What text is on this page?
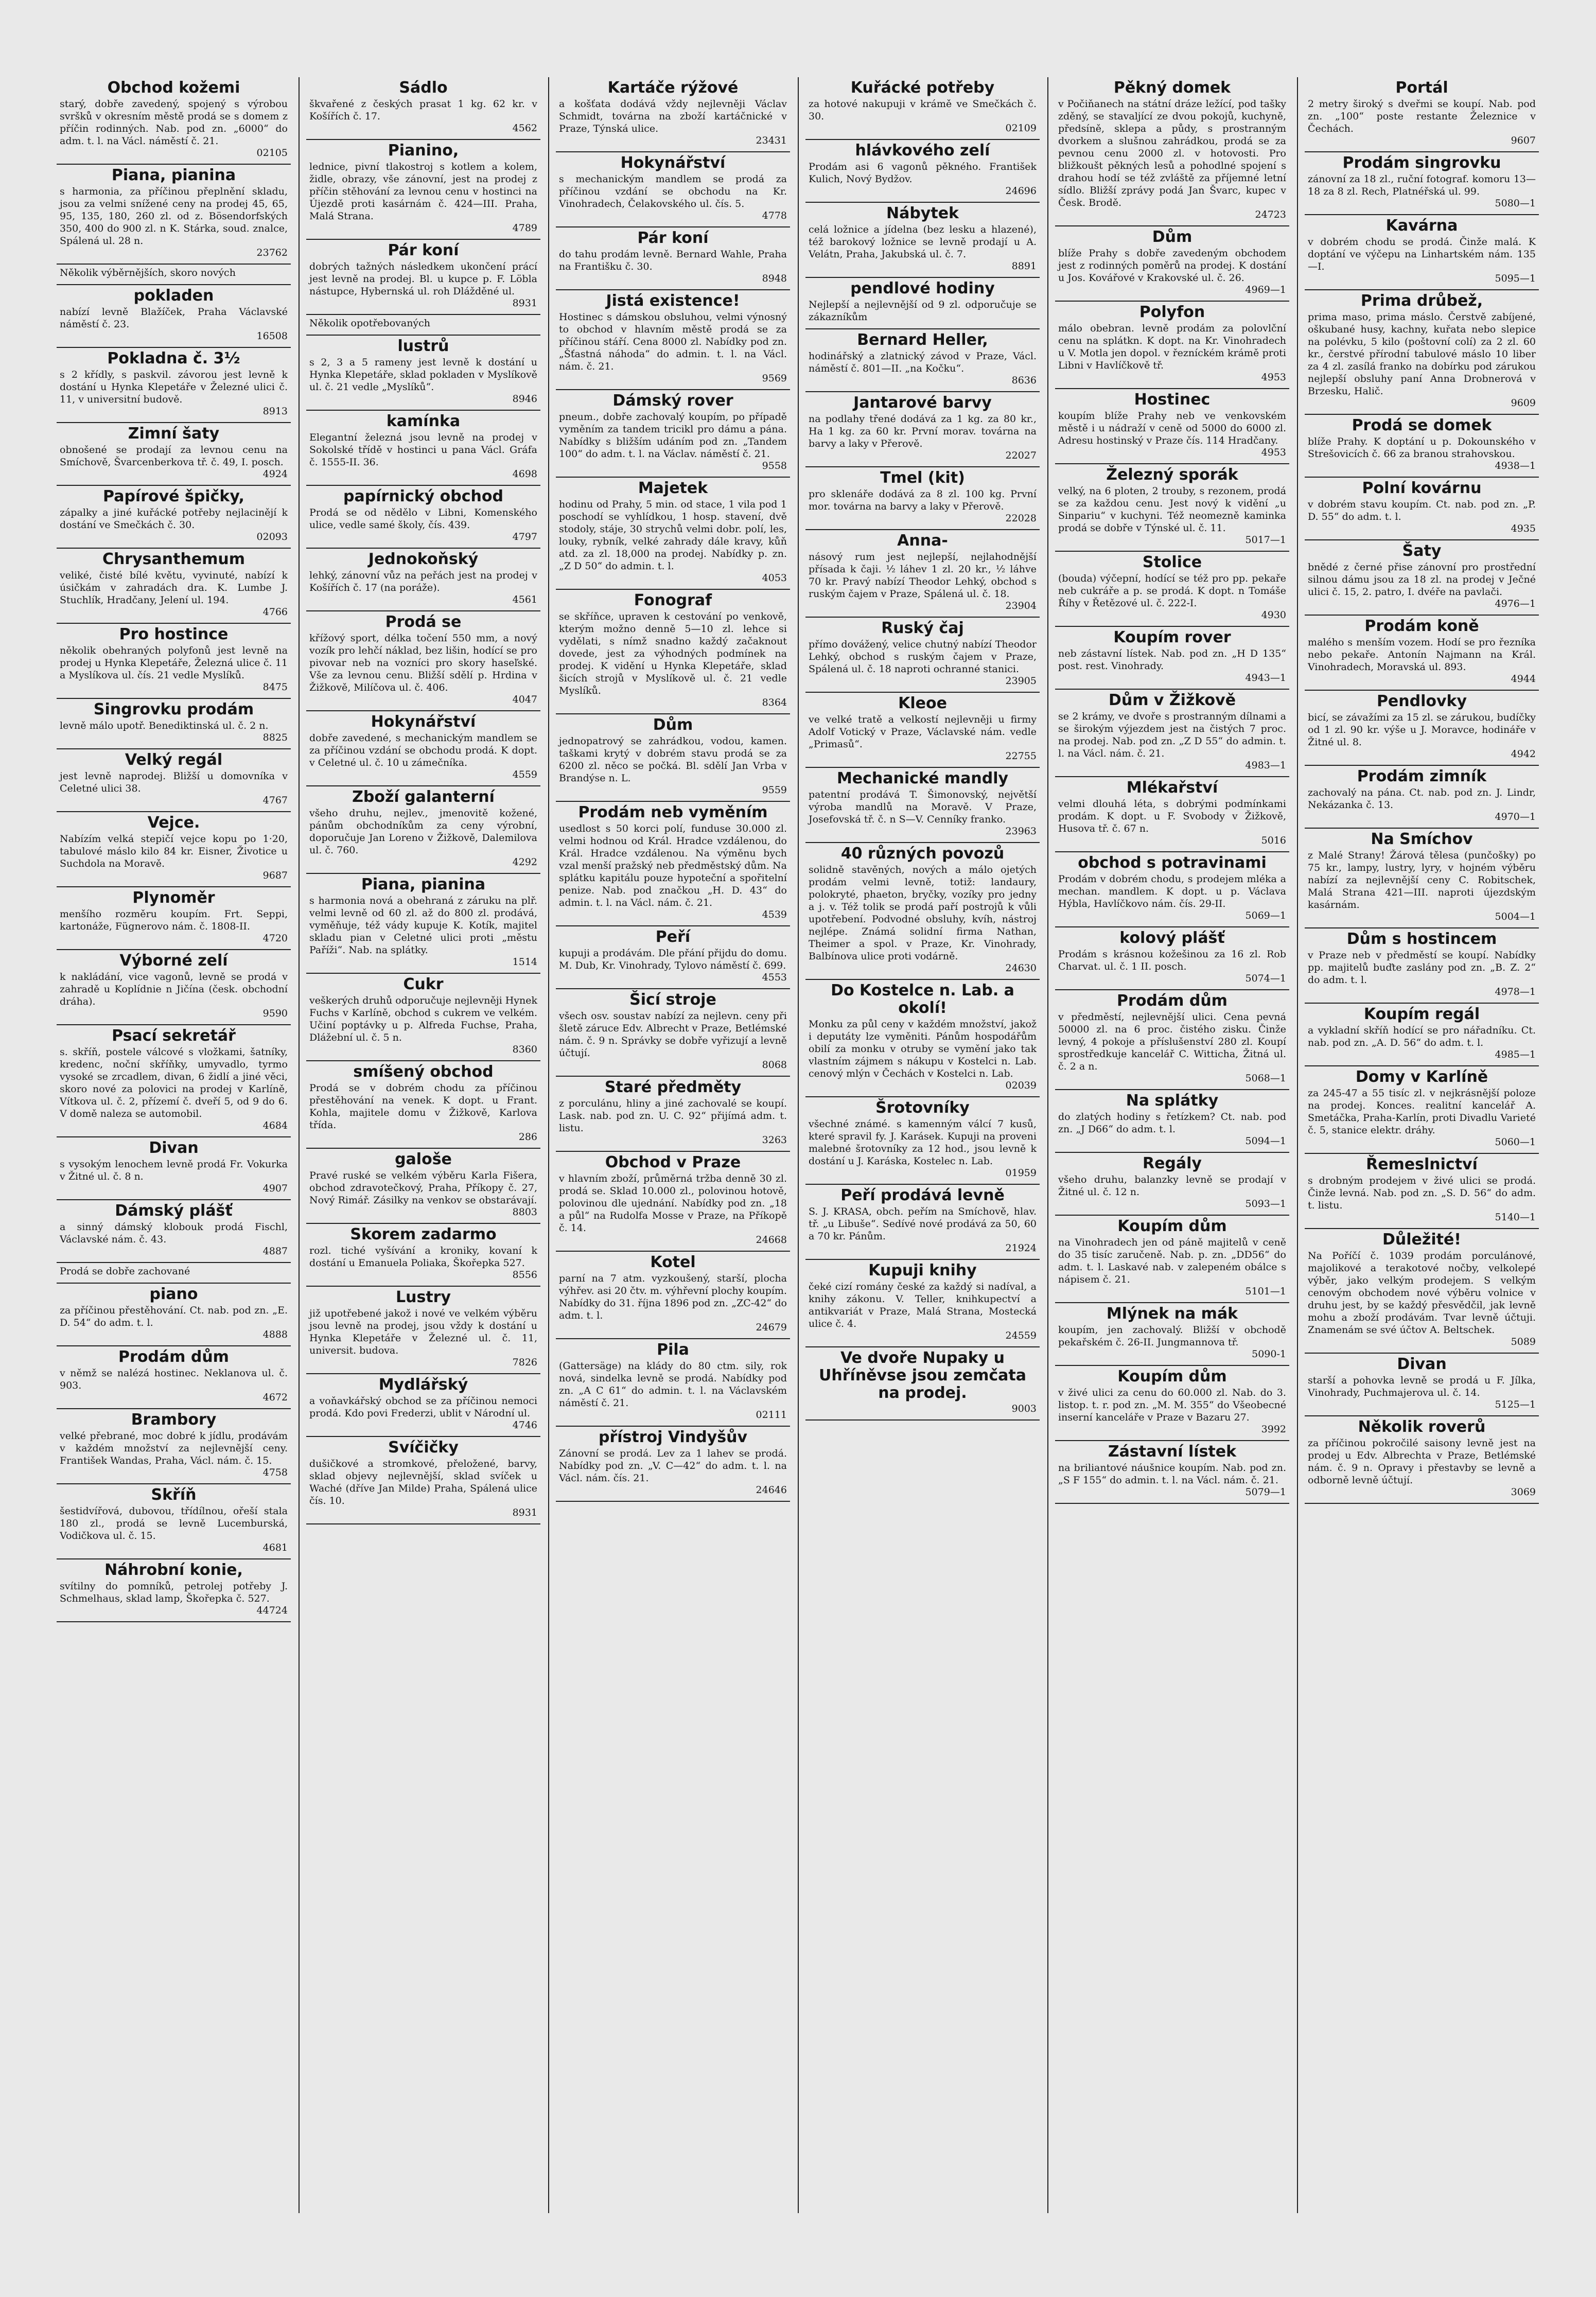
Obchod kožemi
starý, dobře zavedený, spojený s výrobou svršků v okresním městě prodá se s domem z příčin rodinných. Nab. pod zn. „6000“ do adm. t. l. na Václ. náměstí č. 21.
02105
Piana, pianina
s harmonia, za příčinou přeplnění skladu, jsou za velmi snížené ceny na prodej 45, 65, 95, 135, 180, 260 zl. od z. Bösendorfských 350, 400 do 900 zl. n K. Stárka, soud. znalce, Spálená ul. 28 n.
23762
Několik výběrnějších, skoro nových
pokladen
nabízí levně Blažíček, Praha Václavské náměstí č. 23.
16508
Pokladna č. 3½
s 2 křídly, s paskvil. závorou jest levně k dostání u Hynka Klepetáře v Železné ulici č. 11, v universitní budově.
8913
Zimní šaty
obnošené se prodají za levnou cenu na Smíchově, Švarcenberkova tř. č. 49, I. posch.
4924
Papírové špičky,
zápalky a jiné kuřácké potřeby nejlacinějí k dostání ve Smečkách č. 30.
02093
Chrysanthemum
veliké, čisté bílé květu, vyvinuté, nabízí k úsičkám v zahradách dra. K. Lumbe J. Stuchlík, Hradčany, Jelení ul. 194.
4766
Pro hostince
několik obehraných polyfonů jest levně na prodej u Hynka Klepetáře, Železná ulice č. 11 a Myslíkova ul. čís. 21 vedle Myslíků.
8475
Singrovku prodám
levně málo upotř. Benediktinská ul. č. 2 n.
8825
Velký regál
jest levně naprodej. Bližší u domovníka v Celetné ulici 38.
4767
Vejce.
Nabízím velká stepičí vejce kopu po 1·20, tabulové máslo kilo 84 kr. Eisner, Životice u Suchdola na Moravě.
9687
Plynoměr
menšího rozměru koupím. Frt. Seppi, kartonáže, Fügnerovo nám. č. 1808-II.
4720
Výborné zelí
k nakládání, vice vagonů, levně se prodá v zahradě u Koplídnie n Jičína (česk. obchodní dráha).
9590
Psací sekretář
s. skříň, postele válcové s vložkami, šatníky, kredenc, noční skříňky, umyvadlo, tyrmo vysoké se zrcadlem, divan, 6 židlí a jiné věci, skoro nové za polovici na prodej v Karlíně, Vítkova ul. č. 2, přízemí č. dveří 5, od 9 do 6. V domě naleza se automobil.
4684
Divan
s vysokým lenochem levně prodá Fr. Vokurka v Žitné ul. č. 8 n.
4907
Dámský plášť
a sinný dámský klobouk prodá Fischl, Václavské nám. č. 43.
4887
Prodá se dobře zachované
piano
za příčinou přestěhování. Ct. nab. pod zn. „E. D. 54“ do adm. t. l.
4888
Prodám dům
v němž se nalézá hostinec. Neklanova ul. č. 903.
4672
Brambory
velké přebrané, moc dobré k jídlu, prodávám v každém množství za nejlevnější ceny. František Wandas, Praha, Václ. nám. č. 15.
4758
Skříň
šestidvířová, dubovou, třídílnou, ořeší stala 180 zl., prodá se levně Lucemburská, Vodičkova ul. č. 15.
4681
Náhrobní konie,
svítilny do pomníků, petrolej potřeby J. Schmelhaus, sklad lamp, Škořepka č. 527.
44724
Sádlo
škvařené z českých prasat 1 kg. 62 kr. v Košířích č. 17.
4562
Pianino,
lednice, pivní tlakostroj s kotlem a kolem, židle, obrazy, vše zánovní, jest na prodej z příčin stěhování za levnou cenu v hostinci na Újezdě proti kasárnám č. 424—III. Praha, Malá Strana.
4789
Pár koní
dobrých tažných následkem ukončení prácí jest levně na prodej. Bl. u kupce p. F. Löbla nástupce, Hybernská ul. roh Dlážděné ul.
8931
Několik opotřebovaných
lustrů
s 2, 3 a 5 rameny jest levně k dostání u Hynka Klepetáře, sklad pokladen v Myslíkově ul. č. 21 vedle „Myslíků“.
8946
kamínka
Elegantní železná jsou levně na prodej v Sokolské třídě v hostinci u pana Václ. Gráfa č. 1555-II. 36.
4698
papírnický obchod
Prodá se od nědělo v Libni, Komenského ulice, vedle samé školy, čís. 439.
4797
Jednokoňský
lehký, zánovní vůz na peřách jest na prodej v Košířích č. 17 (na poráže).
4561
Prodá se
křížový sport, délka točení 550 mm, a nový vozík pro lehčí náklad, bez lišin, hodící se pro pivovar neb na vozníci pro skory haseľské. Vše za levnou cenu. Bližší sdělí p. Hrdina v Žižkově, Milíčova ul. č. 406.
4047
Hokynářství
dobře zavedené, s mechanickým mandlem se za příčinou vzdání se obchodu prodá. K dopt. v Celetné ul. č. 10 u zámečníka.
4559
Zboží galanterní
všeho druhu, nejlev., jmenovitě kožené, pánům obchodníkům za ceny výrobní, doporučuje Jan Loreno v Žižkově, Dalemilova ul. č. 760.
4292
Piana, pianina
s harmonia nová a obehraná z záruku na plř. velmi levně od 60 zl. až do 800 zl. prodává, vyměňuje, též vády kupuje K. Kotík, majitel skladu pian v Celetné ulici proti „městu Paříži“. Nab. na splátky.
1514
Cukr
veškerých druhů odporučuje nejlevněji Hynek Fuchs v Karlíně, obchod s cukrem ve velkém. Učiní poptávky u p. Alfreda Fuchse, Praha, Dlážební ul. č. 5 n.
8360
smíšený obchod
Prodá se v dobrém chodu za příčinou přestěhování na venek. K dopt. u Frant. Kohla, majitele domu v Žižkově, Karlova třída.
286
galoše
Pravé ruské se velkém výběru Karla Fišera, obchod zdravotečkový, Praha, Příkopy č. 27, Nový Rimář. Zásilky na venkov se obstarávají.
8803
Skorem zadarmo
rozl. tiché vyšívání a kroniky, kovaní k dostání u Emanuela Poliaka, Škořepka 527.
8556
Lustry
již upotřebené jakož i nové ve velkém výběru jsou levně na prodej, jsou vždy k dostání u Hynka Klepetáře v Železné ul. č. 11, universit. budova.
7826
Mydlářský
a voňavkářský obchod se za příčinou nemoci prodá. Kdo povi Frederzi, ublit v Národní ul.
4746
Svíčičky
dušičkové a stromkové, přeložené, barvy, sklad objevy nejlevnější, sklad svíček u Waché (dříve Jan Milde) Praha, Spálená ulice čís. 10.
8931
Kartáče rýžové
a košťata dodává vždy nejlevněji Václav Schmidt, továrna na zboží kartáčnické v Praze, Týnská ulice.
23431
Hokynářství
s mechanickým mandlem se prodá za příčinou vzdání se obchodu na Kr. Vinohradech, Čelakovského ul. čís. 5.
4778
Pár koní
do tahu prodám levně. Bernard Wahle, Praha na Františku č. 30.
8948
Jistá existence!
Hostinec s dámskou obsluhou, velmi výnosný to obchod v hlavním městě prodá se za příčinou stáří. Cena 8000 zl. Nabídky pod zn. „Šťastná náhoda“ do admin. t. l. na Václ. nám. č. 21.
9569
Dámský rover
pneum., dobře zachovalý koupím, po případě vyměním za tandem tricikl pro dámu a pána. Nabídky s bližším udáním pod zn. „Tandem 100“ do adm. t. l. na Václav. náměstí č. 21.
9558
Majetek
hodinu od Prahy, 5 min. od stace, 1 vila pod 1 poschodí se vyhlídkou, 1 hosp. stavení, dvě stodoly, stáje, 30 strychů velmi dobr. polí, les, louky, rybník, velké zahrady dále kravy, kůň atd. za zl. 18,000 na prodej. Nabídky p. zn. „Z D 50“ do admin. t. l.
4053
Fonograf
se skříňce, upraven k cestování po venkově, kterým možno denně 5—10 zl. lehce si vydělati, s nímž snadno každý začaknout dovede, jest za výhodných podmínek na prodej. K vidění u Hynka Klepetáře, sklad šicích strojů v Myslíkově ul. č. 21 vedle Myslíků.
8364
Dům
jednopatrový se zahrádkou, vodou, kamen. taškami krytý v dobrém stavu prodá se za 6200 zl. něco se počká. Bl. sdělí Jan Vrba v Brandýse n. L.
9559
Prodám neb vyměním
usedlost s 50 korci polí, funduse 30.000 zl. velmi hodnou od Král. Hradce vzdálenou, do Král. Hradce vzdálenou. Na výměnu bych vzal menší pražský neb předměstský dům. Na splátku kapitálu pouze hypoteční a spořitelní penize. Nab. pod značkou „H. D. 43“ do admin. t. l. na Václ. nám. č. 21.
4539
Peří
kupuji a prodávám. Dle přání přijdu do domu. M. Dub, Kr. Vinohrady, Tylovo náměstí č. 699.
4553
Šicí stroje
všech osv. soustav nabízí za nejlevn. ceny při šletě záruce Edv. Albrecht v Praze, Betlémské nám. č. 9 n. Správky se dobře vyřizují a levně účtují.
8068
Staré předměty
z porculánu, hliny a jiné zachovalé se koupí. Lask. nab. pod zn. U. C. 92“ přijímá adm. t. listu.
3263
Obchod v Praze
v hlavním zboží, průměrná tržba denně 30 zl. prodá se. Sklad 10.000 zl., polovinou hotově, polovinou dle ujednání. Nabídky pod zn. „18 a půl“ na Rudolfa Mosse v Praze, na Příkopě č. 14.
24668
Kotel
parní na 7 atm. vyzkoušený, starší, plocha výhřev. asi 20 čtv. m. výhřevní plochy koupím. Nabídky do 31. října 1896 pod zn. „ZC-42“ do adm. t. l.
24679
Pila
(Gattersäge) na klády do 80 ctm. sily, rok nová, sindelka levně se prodá. Nabídky pod zn. „A C 61“ do admin. t. l. na Václavském náměstí č. 21.
02111
přístroj Vindyšův
Zánovní se prodá. Lev za 1 lahev se prodá. Nabídky pod zn. „V. C—42“ do adm. t. l. na Václ. nám. čís. 21.
24646
Kuřácké potřeby
za hotové nakupuji v krámě ve Smečkách č. 30.
02109
hlávkového zelí
Prodám asi 6 vagonů pěkného. František Kulich, Nový Bydžov.
24696
Nábytek
celá ložnice a jídelna (bez lesku a hlazené), též barokový ložnice se levně prodají u A. Velátn, Praha, Jakubská ul. č. 7.
8891
pendlové hodiny
Nejlepší a nejlevnější od 9 zl. odporučuje se zákazníkům
Bernard Heller,
hodinářský a zlatnický závod v Praze, Václ. náměstí č. 801—II. „na Kočku“.
8636
Jantarové barvy
na podlahy třené dodává za 1 kg. za 80 kr., Ha 1 kg. za 60 kr. První morav. továrna na barvy a laky v Přerově.
22027
Tmel (kit)
pro sklenáře dodává za 8 zl. 100 kg. První mor. továrna na barvy a laky v Přerově.
22028
Anna-
násový rum jest nejlepší, nejlahodnější přísada k čaji. ½ láhev 1 zl. 20 kr., ½ láhve 70 kr. Pravý nabízí Theodor Lehký, obchod s ruským čajem v Praze, Spálená ul. č. 18.
23904
Ruský čaj
přímo dovážený, velice chutný nabízí Theodor Lehký, obchod s ruským čajem v Praze, Spálená ul. č. 18 naproti ochranné stanici.
23905
Kleoe
ve velké tratě a velkostí nejlevněji u firmy Adolf Votický v Praze, Václavské nám. vedle „Primasů“.
22755
Mechanické mandly
patentní prodává T. Šimonovský, největší výroba mandlů na Moravě. V Praze, Josefovská tř. č. n S—V. Cenníky franko.
23963
40 různých povozů
solidně stavěných, nových a málo ojetých prodám velmi levně, totiž: landaury, polokryté, phaeton, bryčky, vozíky pro jedny a j. v. Též tolik se prodá paří postrojů k vůli upotřebení. Podvodné obsluhy, kvíh, nástroj nejlépe. Známá solidní firma Nathan, Theimer a spol. v Praze, Kr. Vinohrady, Balbínova ulice proti vodárně.
24630
Do Kostelce n. Lab. a okolí!
Monku za půl ceny v každém množství, jakož i deputáty lze vyměniti. Pánům hospodářům obilí za monku v otruby se vymění jako tak vlastním zájmem s nákupu v Kostelci n. Lab. cenový mlýn v Čechách v Kostelci n. Lab.
02039
Šrotovníky
všechné známé. s kamenným válcí 7 kusů, které spravil fy. J. Karásek. Kupuji na proveni malebné šrotovníky za 12 hod., jsou levně k dostání u J. Karáska, Kostelec n. Lab.
01959
Peří prodává levně
S. J. KRASA, obch. peřím na Smíchově, hlav. tř. „u Libuše“. Sedívé nové prodává za 50, 60 a 70 kr. Pánům.
21924
Kupuji knihy
čeké cizí romány české za každý si nadíval, a knihy zákonu. V. Teller, knihkupectví a antikvariát v Praze, Malá Strana, Mostecká ulice č. 4.
24559
Ve dvoře Nupaky u Uhříněvse jsou zemčata na prodej.
9003
Pěkný domek
v Počiňanech na státní dráze ležící, pod tašky zděný, se stavaljící ze dvou pokojů, kuchyně, předsíně, sklepa a půdy, s prostranným dvorkem a slušnou zahrádkou, prodá se za pevnou cenu 2000 zl. v hotovosti. Pro bližkoušt pěkných lesů a pohodlné spojení s drahou hodí se též zvláště za příjemné letní sídlo. Bližší zprávy podá Jan Švarc, kupec v Česk. Brodě.
24723
Dům
blíže Prahy s dobře zavedeným obchodem jest z rodinných poměrů na prodej. K dostání u Jos. Kovářové v Krakovské ul. č. 26.
4969—1
Polyfon
málo obebran. levně prodám za polovlční cenu na splátkn. K dopt. na Kr. Vinohradech u V. Motla jen dopol. v řezníckém krámě proti Libni v Havlíčkově tř.
4953
Hostinec
koupím blíže Prahy neb ve venkovském městě i u nádraží v ceně od 5000 do 6000 zl. Adresu hostinský v Praze čís. 114 Hradčany.
4953
Železný sporák
velký, na 6 ploten, 2 trouby, s rezonem, prodá se za každou cenu. Jest nový k vidění „u Sinpariu“ v kuchyni. Též neomezně kaminka prodá se dobře v Týnské ul. č. 11.
5017—1
Stolice
(bouda) výčepní, hodící se též pro pp. pekaře neb cukráře a p. se prodá. K dopt. n Tomáše Říhy v Řetězové ul. č. 222-I.
4930
Koupím rover
neb zástavní lístek. Nab. pod zn. „H D 135“ post. rest. Vinohrady.
4943—1
Dům v Žižkově
se 2 krámy, ve dvoře s prostranným dílnami a se širokým výjezdem jest na čistých 7 proc. na prodej. Nab. pod zn. „Z D 55“ do admin. t. l. na Václ. nám. č. 21.
4983—1
Mlékařství
velmi dlouhá léta, s dobrými podmínkami prodám. K dopt. u F. Svobody v Žižkově, Husova tř. č. 67 n.
5016
obchod s potravinami
Prodám v dobrém chodu, s prodejem mléka a mechan. mandlem. K dopt. u p. Václava Hýbla, Havlíčkovo nám. čís. 29-II.
5069—1
kolový plášť
Prodám s krásnou kožešinou za 16 zl. Rob Charvat. ul. č. 1 II. posch.
5074—1
Prodám dům
v předměstí, nejlevnější ulici. Cena pevná 50000 zl. na 6 proc. čistého zisku. Činže levný, 4 pokoje a příslušenství 280 zl. Koupí sprostředkuje kancelář C. Witticha, Žitná ul. č. 2 a n.
5068—1
Na splátky
do zlatých hodiny s řetízkem? Ct. nab. pod zn. „J D66“ do adm. t. l.
5094—1
Regály
všeho druhu, balanzky levně se prodají v Žitné ul. č. 12 n.
5093—1
Koupím dům
na Vinohradech jen od páně majitelů v ceně do 35 tisíc zaručeně. Nab. p. zn. „DD56“ do adm. t. l. Laskavé nab. v zalepeném obálce s nápisem č. 21.
5101—1
Mlýnek na mák
koupím, jen zachovalý. Bližší v obchodě pekařském č. 26-II. Jungmannova tř.
5090-1
Koupím dům
v živé ulici za cenu do 60.000 zl. Nab. do 3. listop. t. r. pod zn. „M. M. 355“ do Všeobecné inserní kanceláře v Praze v Bazaru 27.
3992
Zástavní lístek
na briliantové náušnice koupím. Nab. pod zn. „S F 155“ do admin. t. l. na Václ. nám. č. 21.
5079—1
Portál
2 metry široký s dveřmi se koupí. Nab. pod zn. „100“ poste restante Železnice v Čechách.
9607
Prodám singrovku
zánovní za 18 zl., ruční fotograf. komoru 13—18 za 8 zl. Rech, Platnéřská ul. 99.
5080—1
Kavárna
v dobrém chodu se prodá. Činže malá. K doptání ve výčepu na Linhartském nám. 135—I.
5095—1
Prima drůbež,
prima maso, prima máslo. Čerstvě zabíjené, oškubané husy, kachny, kuřata nebo slepice na polévku, 5 kilo (poštovní colí) za 2 zl. 60 kr., čerstvé přírodní tabulové máslo 10 liber za 4 zl. zasílá franko na dobírku pod zárukou nejlepší obsluhy paní Anna Drobnerová v Brzesku, Halič.
9609
Prodá se domek
blíže Prahy. K doptání u p. Dokounského v Strešovicích č. 66 za branou strahovskou.
4938—1
Polní kovárnu
v dobrém stavu koupím. Ct. nab. pod zn. „P. D. 55“ do adm. t. l.
4935
Šaty
bnědé z černé přise zánovní pro prostřední silnou dámu jsou za 18 zl. na prodej v Ječné ulici č. 15, 2. patro, I. dvéře na pavlači.
4976—1
Prodám koně
malého s menším vozem. Hodí se pro řezníka nebo pekaře. Antonín Najmann na Král. Vinohradech, Moravská ul. 893.
4944
Pendlovky
bicí, se závažími za 15 zl. se zárukou, budíčky od 1 zl. 90 kr. výše u J. Moravce, hodináře v Žitné ul. 8.
4942
Prodám zimník
zachovalý na pána. Ct. nab. pod zn. J. Lindr, Nekázanka č. 13.
4970—1
Na Smíchov
z Malé Strany! Žárová tělesa (punčošky) po 75 kr., lampy, lustry, lyry, v hojném výběru nabízí za nejlevnější ceny C. Robitschek, Malá Strana 421—III. naproti újezdským kasárnám.
5004—1
Dům s hostincem
v Praze neb v předměstí se koupí. Nabídky pp. majitelů buďte zaslány pod zn. „B. Z. 2“ do adm. t. l.
4978—1
Koupím regál
a vykladní skříň hodící se pro nářadníku. Ct. nab. pod zn. „A. D. 56“ do adm. t. l.
4985—1
Domy v Karlíně
za 245-47 a 55 tisíc zl. v nejkrásnější poloze na prodej. Konces. realitní kancelář A. Smetáčka, Praha-Karlín, proti Divadlu Varieté č. 5, stanice elektr. dráhy.
5060—1
Řemeslnictví
s drobným prodejem v živé ulici se prodá. Činže levná. Nab. pod zn. „S. D. 56“ do adm. t. listu.
5140—1
Důležité!
Na Poříčí č. 1039 prodám porculánové, majolikové a terakotové nočby, velkolepé výběr, jako velkým prodejem. S velkým cenovým obchodem nové výběru volnice v druhu jest, by se každý přesvědčil, jak levně mohu a zboží prodávám. Tvar levně účtuji. Znamenám se své účtov A. Beltschek.
5089
Divan
starší a pohovka levně se prodá u F. Jílka, Vinohrady, Puchmajerova ul. č. 14.
5125—1
Několik roverů
za příčinou pokročilé saisony levně jest na prodej u Edv. Albrechta v Praze, Betlémské nám. č. 9 n. Opravy i přestavby se levně a odborně levně účtují.
3069
